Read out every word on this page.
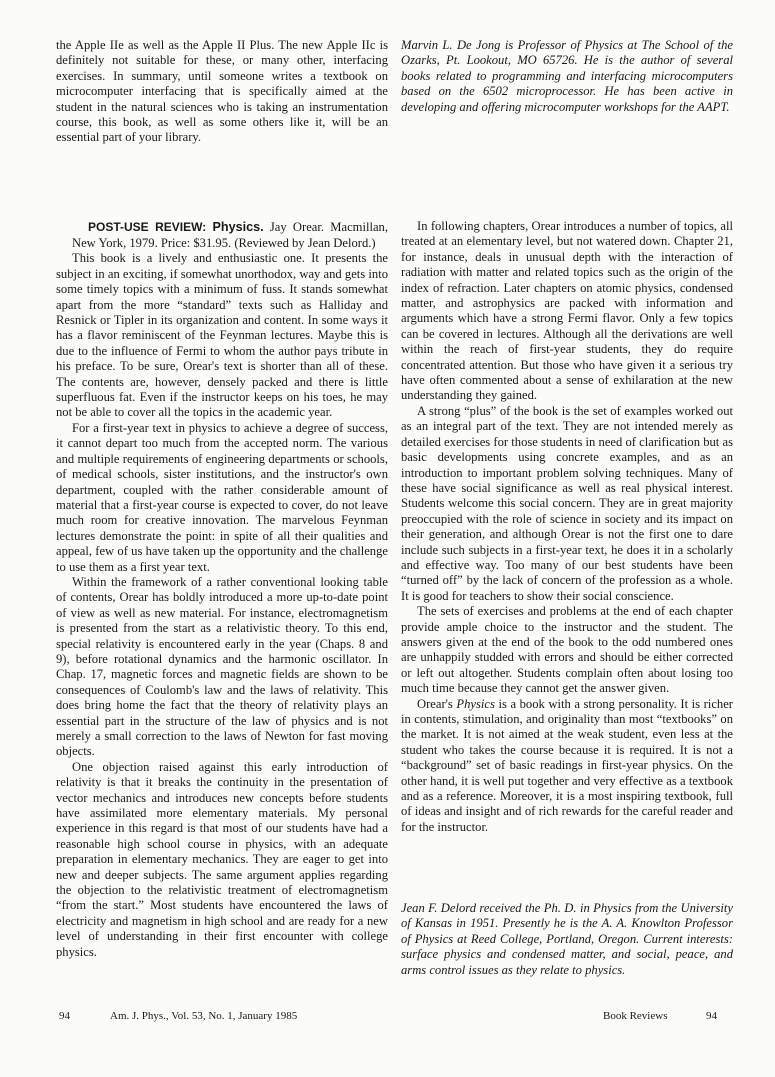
the Apple IIe as well as the Apple II Plus. The new Apple IIc is definitely not suitable for these, or many other, interfacing exercises. In summary, until someone writes a textbook on microcomputer interfacing that is specifically aimed at the student in the natural sciences who is taking an instrumentation course, this book, as well as some others like it, will be an essential part of your library.

Marvin L. De Jong is Professor of Physics at The School of the Ozarks, Pt. Lookout, MO 65726. He is the author of several books related to programming and interfacing microcomputers based on the 6502 microprocessor. He has been active in developing and offering microcomputer workshops for the AAPT.

POST-USE REVIEW: Physics. Jay Orear. Macmillan, New York, 1979. Price: $31.95. (Reviewed by Jean Delord.)

This book is a lively and enthusiastic one. It presents the subject in an exciting, if somewhat unorthodox, way and gets into some timely topics with a minimum of fuss. It stands somewhat apart from the more “standard” texts such as Halliday and Resnick or Tipler in its organization and content. In some ways it has a flavor reminiscent of the Feynman lectures. Maybe this is due to the influence of Fermi to whom the author pays tribute in his preface. To be sure, Orear's text is shorter than all of these. The contents are, however, densely packed and there is little superfluous fat. Even if the instructor keeps on his toes, he may not be able to cover all the topics in the academic year.

For a first-year text in physics to achieve a degree of success, it cannot depart too much from the accepted norm. The various and multiple requirements of engineering departments or schools, of medical schools, sister institutions, and the instructor's own department, coupled with the rather considerable amount of material that a first-year course is expected to cover, do not leave much room for creative innovation. The marvelous Feynman lectures demonstrate the point: in spite of all their qualities and appeal, few of us have taken up the opportunity and the challenge to use them as a first year text.

Within the framework of a rather conventional looking table of contents, Orear has boldly introduced a more up-to-date point of view as well as new material. For instance, electromagnetism is presented from the start as a relativistic theory. To this end, special relativity is encountered early in the year (Chaps. 8 and 9), before rotational dynamics and the harmonic oscillator. In Chap. 17, magnetic forces and magnetic fields are shown to be consequences of Coulomb's law and the laws of relativity. This does bring home the fact that the theory of relativity plays an essential part in the structure of the law of physics and is not merely a small correction to the laws of Newton for fast moving objects.

One objection raised against this early introduction of relativity is that it breaks the continuity in the presentation of vector mechanics and introduces new concepts before students have assimilated more elementary materials. My personal experience in this regard is that most of our students have had a reasonable high school course in physics, with an adequate preparation in elementary mechanics. They are eager to get into new and deeper subjects. The same argument applies regarding the objection to the relativistic treatment of electromagnetism “from the start.” Most students have encountered the laws of electricity and magnetism in high school and are ready for a new level of understanding in their first encounter with college physics.

In following chapters, Orear introduces a number of topics, all treated at an elementary level, but not watered down. Chapter 21, for instance, deals in unusual depth with the interaction of radiation with matter and related topics such as the origin of the index of refraction. Later chapters on atomic physics, condensed matter, and astrophysics are packed with information and arguments which have a strong Fermi flavor. Only a few topics can be covered in lectures. Although all the derivations are well within the reach of first-year students, they do require concentrated attention. But those who have given it a serious try have often commented about a sense of exhilaration at the new understanding they gained.

A strong “plus” of the book is the set of examples worked out as an integral part of the text. They are not intended merely as detailed exercises for those students in need of clarification but as basic developments using concrete examples, and as an introduction to important problem solving techniques. Many of these have social significance as well as real physical interest. Students welcome this social concern. They are in great majority preoccupied with the role of science in society and its impact on their generation, and although Orear is not the first one to dare include such subjects in a first-year text, he does it in a scholarly and effective way. Too many of our best students have been “turned off” by the lack of concern of the profession as a whole. It is good for teachers to show their social conscience.

The sets of exercises and problems at the end of each chapter provide ample choice to the instructor and the student. The answers given at the end of the book to the odd numbered ones are unhappily studded with errors and should be either corrected or left out altogether. Students complain often about losing too much time because they cannot get the answer given.

Orear's Physics is a book with a strong personality. It is richer in contents, stimulation, and originality than most “textbooks” on the market. It is not aimed at the weak student, even less at the student who takes the course because it is required. It is not a “background” set of basic readings in first-year physics. On the other hand, it is well put together and very effective as a textbook and as a reference. Moreover, it is a most inspiring textbook, full of ideas and insight and of rich rewards for the careful reader and for the instructor.

Jean F. Delord received the Ph. D. in Physics from the University of Kansas in 1951. Presently he is the A. A. Knowlton Professor of Physics at Reed College, Portland, Oregon. Current interests: surface physics and condensed matter, and social, peace, and arms control issues as they relate to physics.

94	Am. J. Phys., Vol. 53, No. 1, January 1985	Book Reviews	94
